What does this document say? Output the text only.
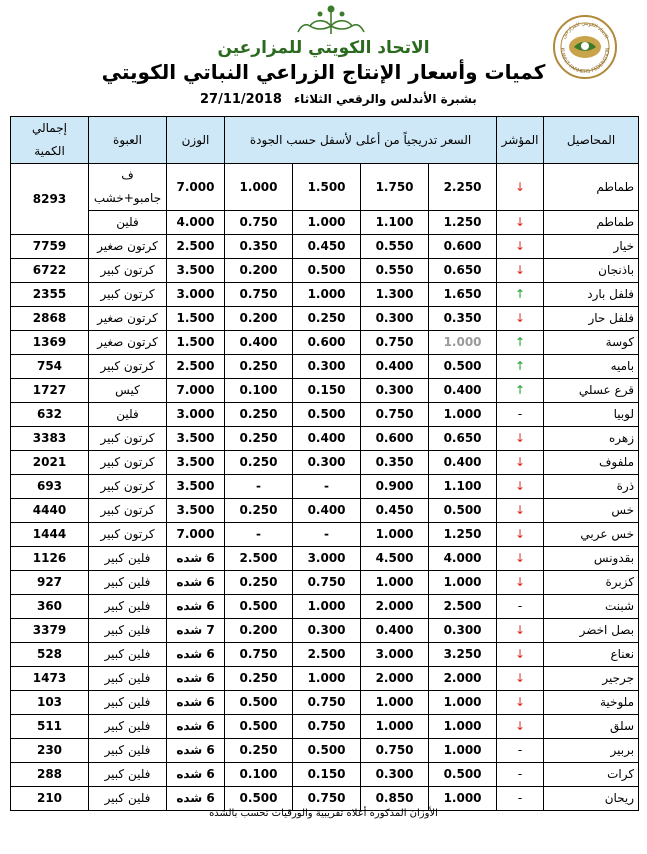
الاتحاد الكويتي للمزارعين
KUWAIT FARMERS FEDERATION
الاتحاد الكويتي للمزارعين
كميات وأسعار الإنتاج الزراعي النباتي الكويتي
27/11/2018 بشبرة الأندلس والرقعي الثلاثاء
المحاصيل	المؤشر	السعر تدريجياً من أعلى لأسفل حسب الجودة				الوزن	العبوة	إجمالي الكمية
طماطم	↓	2.250	1.750	1.500	1.000	7.000	ف جامبو+خشب	8293
طماطم	↓	1.250	1.100	1.000	0.750	4.000	فلين	
خيار	↓	0.600	0.550	0.450	0.350	2.500	كرتون صغير	7759
باذنجان	↓	0.650	0.550	0.500	0.200	3.500	كرتون كبير	6722
فلفل بارد	↑	1.650	1.300	1.000	0.750	3.000	كرتون كبير	2355
فلفل حار	↓	0.350	0.300	0.250	0.200	1.500	كرتون صغير	2868
كوسة	↑	1.000	0.750	0.600	0.400	1.500	كرتون صغير	1369
باميه	↑	0.500	0.400	0.300	0.250	2.500	كرتون كبير	754
قرع عسلي	↑	0.400	0.300	0.150	0.100	7.000	كيس	1727
لوبيا	-	1.000	0.750	0.500	0.250	3.000	فلين	632
زهره	↓	0.650	0.600	0.400	0.250	3.500	كرتون كبير	3383
ملفوف	↓	0.400	0.350	0.300	0.250	3.500	كرتون كبير	2021
ذرة	↓	1.100	0.900	-	-	3.500	كرتون كبير	693
خس	↓	0.500	0.450	0.400	0.250	3.500	كرتون كبير	4440
خس عربي	↓	1.250	1.000	-	-	7.000	كرتون كبير	1444
بقدونس	↓	4.000	4.500	3.000	2.500	6 شده	فلين كبير	1126
كزبرة	↓	1.000	1.000	0.750	0.250	6 شده	فلين كبير	927
شبنت	-	2.500	2.000	1.000	0.500	6 شده	فلين كبير	360
بصل اخضر	↓	0.300	0.400	0.300	0.200	7 شده	فلين كبير	3379
نعناع	↓	3.250	3.000	2.500	0.750	6 شده	فلين كبير	528
جرجير	↓	2.000	2.000	1.000	0.250	6 شده	فلين كبير	1473
ملوخية	↓	1.000	1.000	0.750	0.500	6 شده	فلين كبير	103
سلق	↓	1.000	1.000	0.750	0.500	6 شده	فلين كبير	511
بربير	-	1.000	0.750	0.500	0.250	6 شده	فلين كبير	230
كرات	-	0.500	0.300	0.150	0.100	6 شده	فلين كبير	288
ريحان	-	1.000	0.850	0.750	0.500	6 شده	فلين كبير	210
الأوزان المذكورة أعلاه تقريبية والورقيات تحسب بالشدة
